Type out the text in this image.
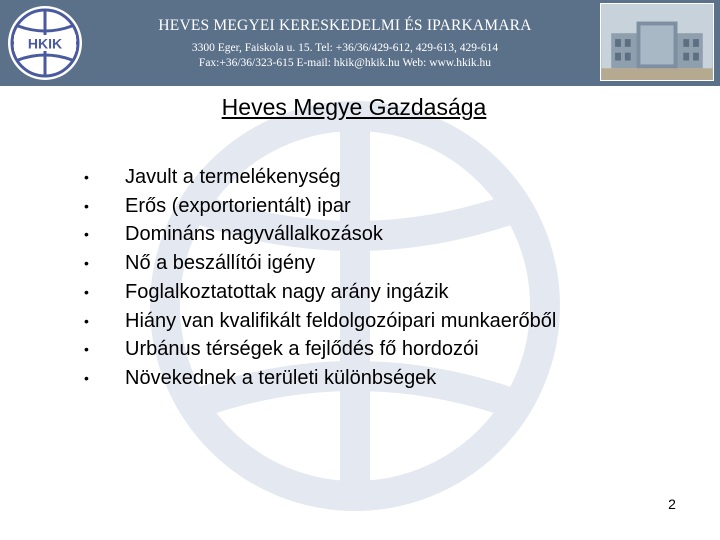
HKIK
HEVES MEGYEI KERESKEDELMI ÉS IPARKAMARA
3300 Eger, Faiskola u. 15. Tel: +36/36/429-612, 429-613, 429-614
Fax:+36/36/323-615 E-mail: hkik@hkik.hu Web: www.hkik.hu
Heves Megye Gazdasága
• Javult a termelékenység
• Erős (exportorientált) ipar
• Domináns nagyvállalkozások
• Nő a beszállítói igény
• Foglalkoztatottak nagy arány ingázik
• Hiány van kvalifikált feldolgozóipari munkaerőből
• Urbánus térségek a fejlődés fő hordozói
• Növekednek a területi különbségek
2
